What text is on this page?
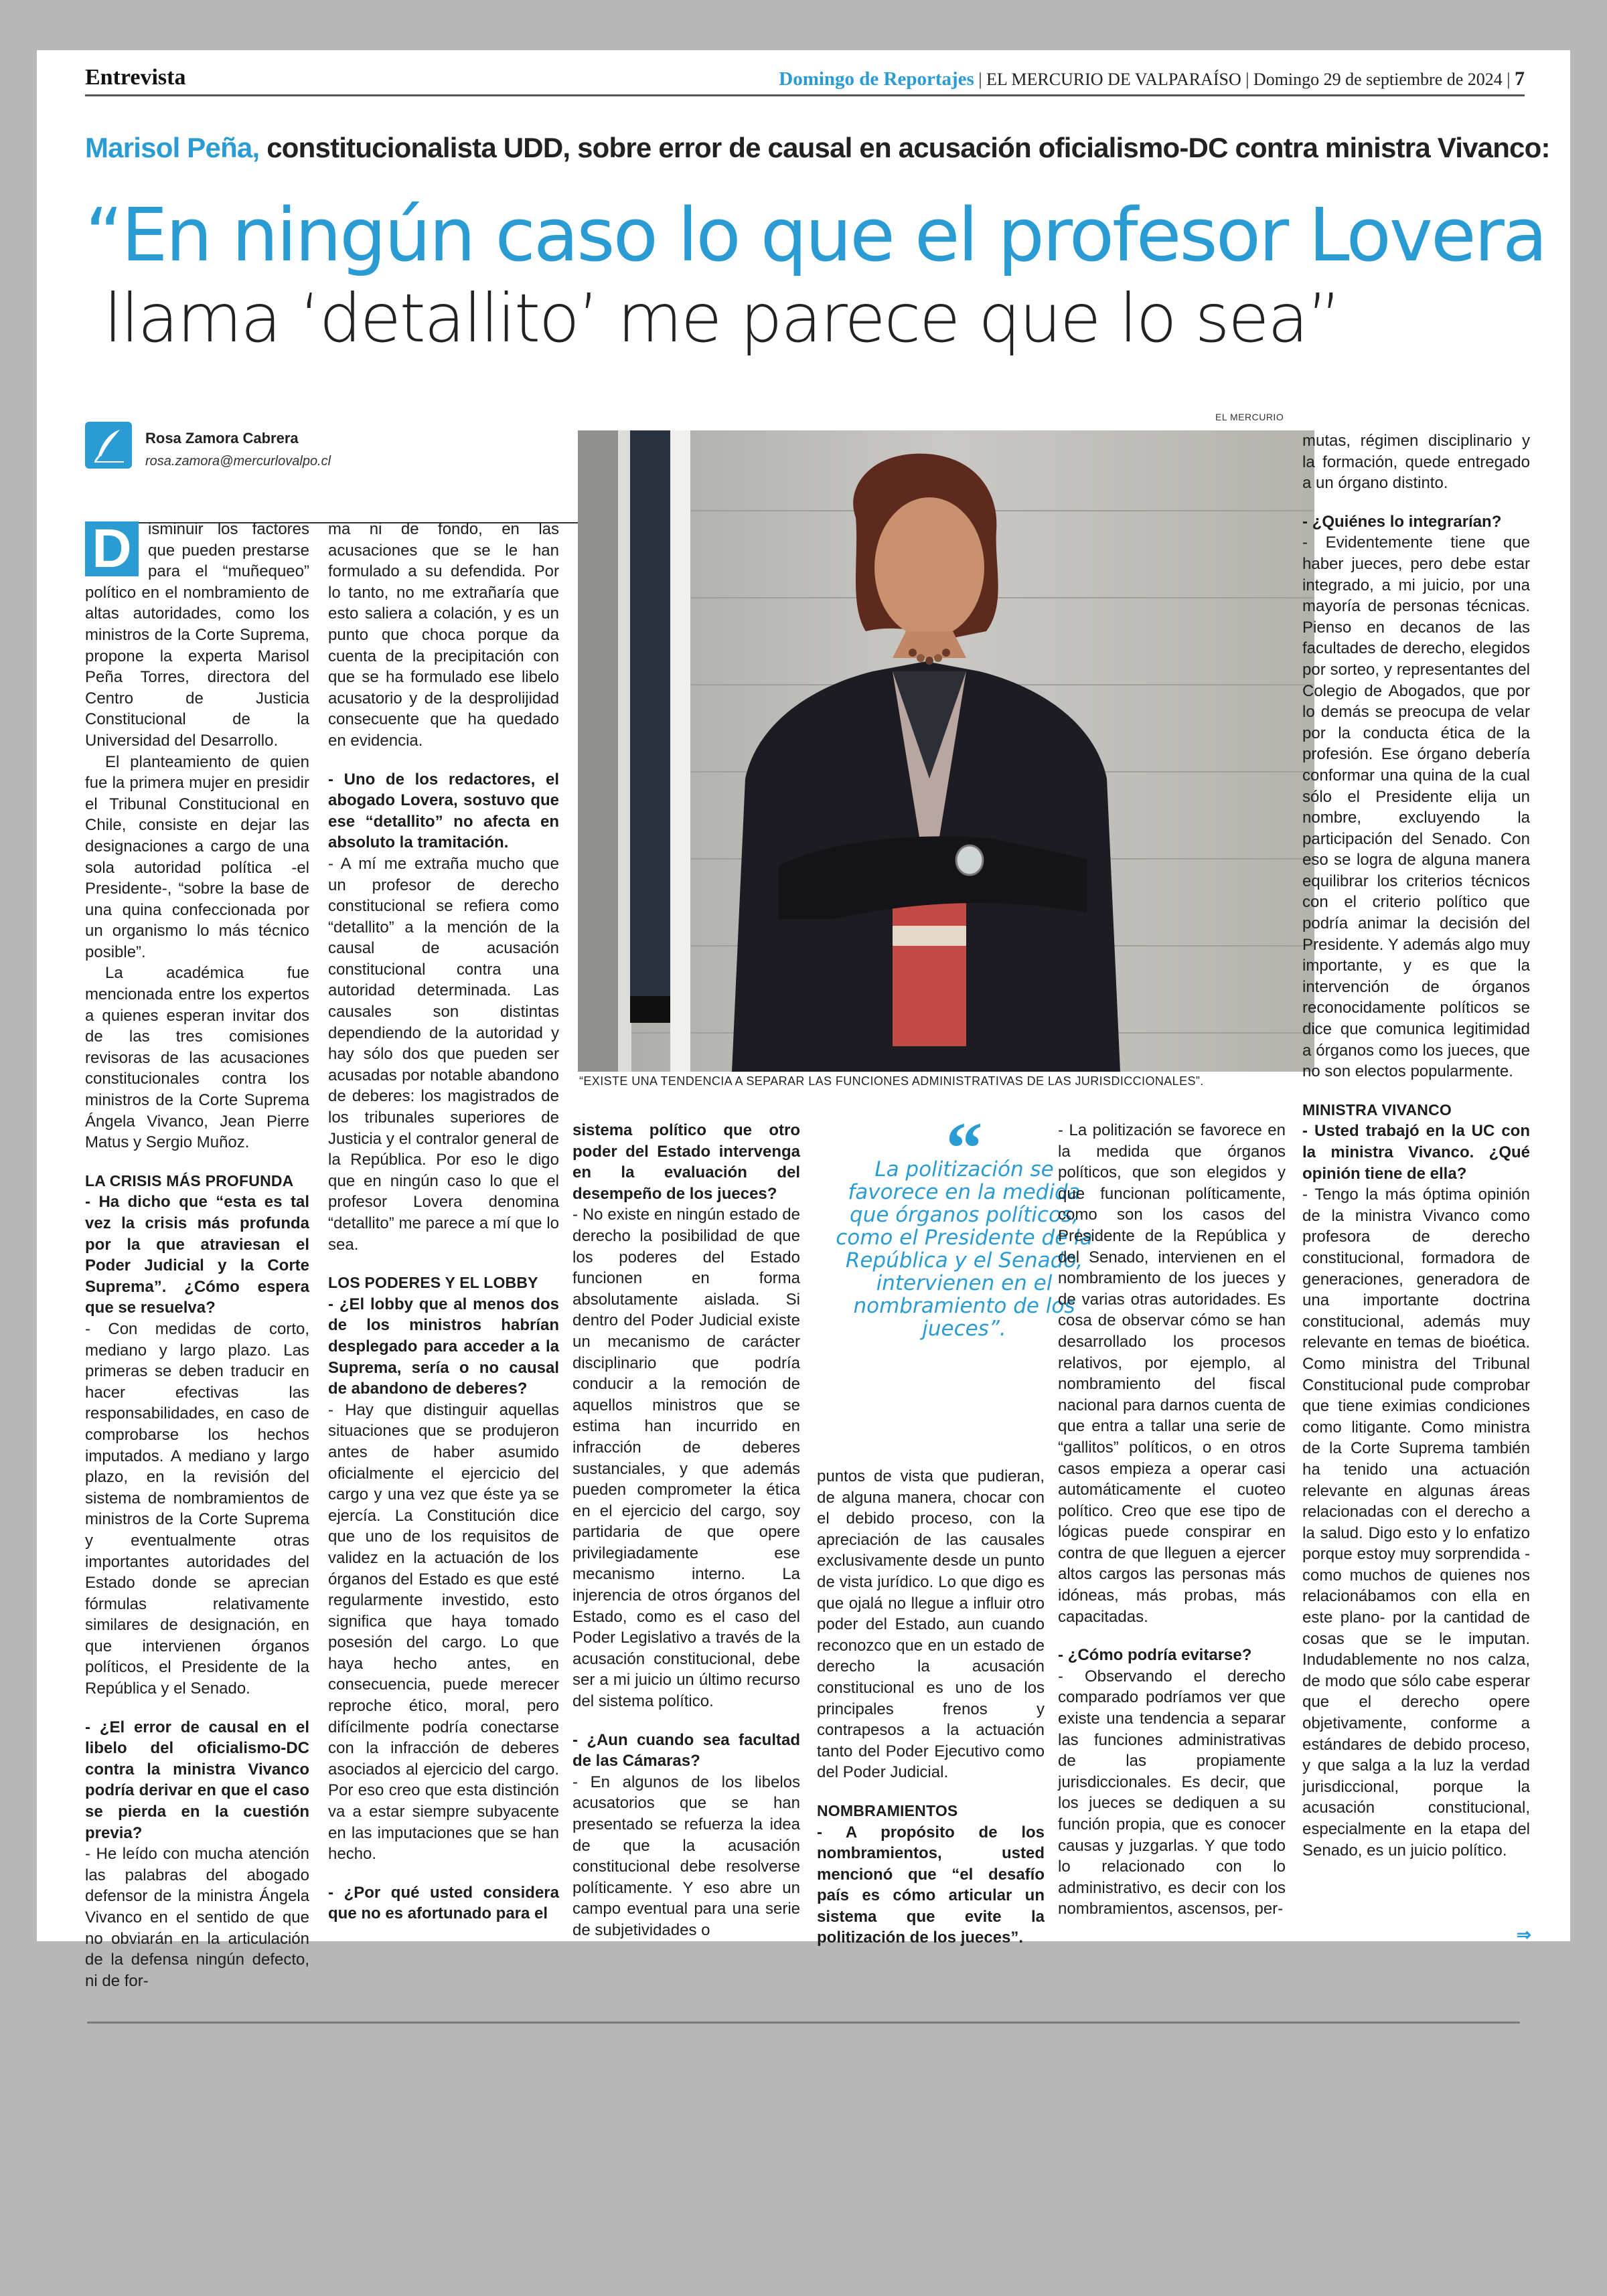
Entrevista	Domingo de Reportajes | EL MERCURIO DE VALPARAÍSO | Domingo 29 de septiembre de 2024 | 7
Marisol Peña, constitucionalista UDD, sobre error de causal en acusación oficialismo-DC contra ministra Vivanco:
“En ningún caso lo que el profesor Lovera
llama ‘detallito’ me parece que lo sea”
Rosa Zamora Cabrera
rosa.zamora@mercurlovalpo.cl
EL MERCURIO
“EXISTE UNA TENDENCIA A SEPARAR LAS FUNCIONES ADMINISTRATIVAS DE LAS JURISDICCIONALES”.
D	isminuir los factores que pueden prestarse para el “muñequeo” político en el nombramiento de altas autoridades, como los ministros de la Corte Suprema, propone la experta Marisol Peña Torres, directora del Centro de Justicia Constitucional de la Universidad del Desarrollo.

El planteamiento de quien fue la primera mujer en presidir el Tribunal Constitucional en Chile, consiste en dejar las designaciones a cargo de una sola autoridad política -el Presidente-, “sobre la base de una quina confeccionada por un organismo lo más técnico posible”.

La académica fue mencionada entre los expertos a quienes esperan invitar dos de las tres comisiones revisoras de las acusaciones constitucionales contra los ministros de la Corte Suprema Ángela Vivanco, Jean Pierre Matus y Sergio Muñoz.

LA CRISIS MÁS PROFUNDA

- Ha dicho que “esta es tal vez la crisis más profunda por la que atraviesan el Poder Judicial y la Corte Suprema”. ¿Cómo espera que se resuelva?

- Con medidas de corto, mediano y largo plazo. Las primeras se deben traducir en hacer efectivas las responsabilidades, en caso de comprobarse los hechos imputados. A mediano y largo plazo, en la revisión del sistema de nombramientos de ministros de la Corte Suprema y eventualmente otras importantes autoridades del Estado donde se aprecian fórmulas relativamente similares de designación, en que intervienen órganos políticos, el Presidente de la República y el Senado.

- ¿El error de causal en el libelo del oficialismo-DC contra la ministra Vivanco podría derivar en que el caso se pierda en la cuestión previa?

- He leído con mucha atención las palabras del abogado defensor de la ministra Ángela Vivanco en el sentido de que no obviarán en la articulación de la defensa ningún defecto, ni de for-

ma ni de fondo, en las acusaciones que se le han formulado a su defendida. Por lo tanto, no me extrañaría que esto saliera a colación, y es un punto que choca porque da cuenta de la precipitación con que se ha formulado ese libelo acusatorio y de la desprolijidad consecuente que ha quedado en evidencia.

- Uno de los redactores, el abogado Lovera, sostuvo que ese “detallito” no afecta en absoluto la tramitación.

- A mí me extraña mucho que un profesor de derecho constitucional se refiera como “detallito” a la mención de la causal de acusación constitucional contra una autoridad determinada. Las causales son distintas dependiendo de la autoridad y hay sólo dos que pueden ser acusadas por notable abandono de deberes: los magistrados de los tribunales superiores de Justicia y el contralor general de la República. Por eso le digo que en ningún caso lo que el profesor Lovera denomina “detallito” me parece a mí que lo sea.

LOS PODERES Y EL LOBBY

- ¿El lobby que al menos dos de los ministros habrían desplegado para acceder a la Suprema, sería o no causal de abandono de deberes?

- Hay que distinguir aquellas situaciones que se produjeron antes de haber asumido oficialmente el ejercicio del cargo y una vez que éste ya se ejercía. La Constitución dice que uno de los requisitos de validez en la actuación de los órganos del Estado es que esté regularmente investido, esto significa que haya tomado posesión del cargo. Lo que haya hecho antes, en consecuencia, puede merecer reproche ético, moral, pero difícilmente podría conectarse con la infracción de deberes asociados al ejercicio del cargo. Por eso creo que esta distinción va a estar siempre subyacente en las imputaciones que se han hecho.

- ¿Por qué usted considera que no es afortunado para el

sistema político que otro poder del Estado intervenga en la evaluación del desempeño de los jueces?

- No existe en ningún estado de derecho la posibilidad de que los poderes del Estado funcionen en forma absolutamente aislada. Si dentro del Poder Judicial existe un mecanismo de carácter disciplinario que podría conducir a la remoción de aquellos ministros que se estima han incurrido en infracción de deberes sustanciales, y que además pueden comprometer la ética en el ejercicio del cargo, soy partidaria de que opere privilegiadamente ese mecanismo interno. La injerencia de otros órganos del Estado, como es el caso del Poder Legislativo a través de la acusación constitucional, debe ser a mi juicio un último recurso del sistema político.

- ¿Aun cuando sea facultad de las Cámaras?

- En algunos de los libelos acusatorios que se han presentado se refuerza la idea de que la acusación constitucional debe resolverse políticamente. Y eso abre un campo eventual para una serie de subjetividades o

“
La politización se favorece en la medida que órganos políticos, como el Presidente de la República y el Senado, intervienen en el nombramiento de los jueces”.

puntos de vista que pudieran, de alguna manera, chocar con el debido proceso, con la apreciación de las causales exclusivamente desde un punto de vista jurídico. Lo que digo es que ojalá no llegue a influir otro poder del Estado, aun cuando reconozco que en un estado de derecho la acusación constitucional es uno de los principales frenos y contrapesos a la actuación tanto del Poder Ejecutivo como del Poder Judicial.

NOMBRAMIENTOS

- A propósito de los nombramientos, usted mencionó que “el desafío país es cómo articular un sistema que evite la politización de los jueces”.

- La politización se favorece en la medida que órganos políticos, que son elegidos y que funcionan políticamente, como son los casos del Presidente de la República y del Senado, intervienen en el nombramiento de los jueces y de varias otras autoridades. Es cosa de observar cómo se han desarrollado los procesos relativos, por ejemplo, al nombramiento del fiscal nacional para darnos cuenta de que entra a tallar una serie de “gallitos” políticos, o en otros casos empieza a operar casi automáticamente el cuoteo político. Creo que ese tipo de lógicas puede conspirar en contra de que lleguen a ejercer altos cargos las personas más idóneas, más probas, más capacitadas.

- ¿Cómo podría evitarse?

- Observando el derecho comparado podríamos ver que existe una tendencia a separar las funciones administrativas de las propiamente jurisdiccionales. Es decir, que los jueces se dediquen a su función propia, que es conocer causas y juzgarlas. Y que todo lo relacionado con lo administrativo, es decir con los nombramientos, ascensos, per-

mutas, régimen disciplinario y la formación, quede entregado a un órgano distinto.

- ¿Quiénes lo integrarían?

- Evidentemente tiene que haber jueces, pero debe estar integrado, a mi juicio, por una mayoría de personas técnicas. Pienso en decanos de las facultades de derecho, elegidos por sorteo, y representantes del Colegio de Abogados, que por lo demás se preocupa de velar por la conducta ética de la profesión. Ese órgano debería conformar una quina de la cual sólo el Presidente elija un nombre, excluyendo la participación del Senado. Con eso se logra de alguna manera equilibrar los criterios técnicos con el criterio político que podría animar la decisión del Presidente. Y además algo muy importante, y es que la intervención de órganos reconocidamente políticos se dice que comunica legitimidad a órganos como los jueces, que no son electos popularmente.

MINISTRA VIVANCO

- Usted trabajó en la UC con la ministra Vivanco. ¿Qué opinión tiene de ella?

- Tengo la más óptima opinión de la ministra Vivanco como profesora de derecho constitucional, formadora de generaciones, generadora de una importante doctrina constitucional, además muy relevante en temas de bioética. Como ministra del Tribunal Constitucional pude comprobar que tiene eximias condiciones como litigante. Como ministra de la Corte Suprema también ha tenido una actuación relevante en algunas áreas relacionadas con el derecho a la salud. Digo esto y lo enfatizo porque estoy muy sorprendida -como muchos de quienes nos relacionábamos con ella en este plano- por la cantidad de cosas que se le imputan. Indudablemente no nos calza, de modo que sólo cabe esperar que el derecho opere objetivamente, conforme a estándares de debido proceso, y que salga a la luz la verdad jurisdiccional, porque la acusación constitucional, especialmente en la etapa del Senado, es un juicio político.

⇒
